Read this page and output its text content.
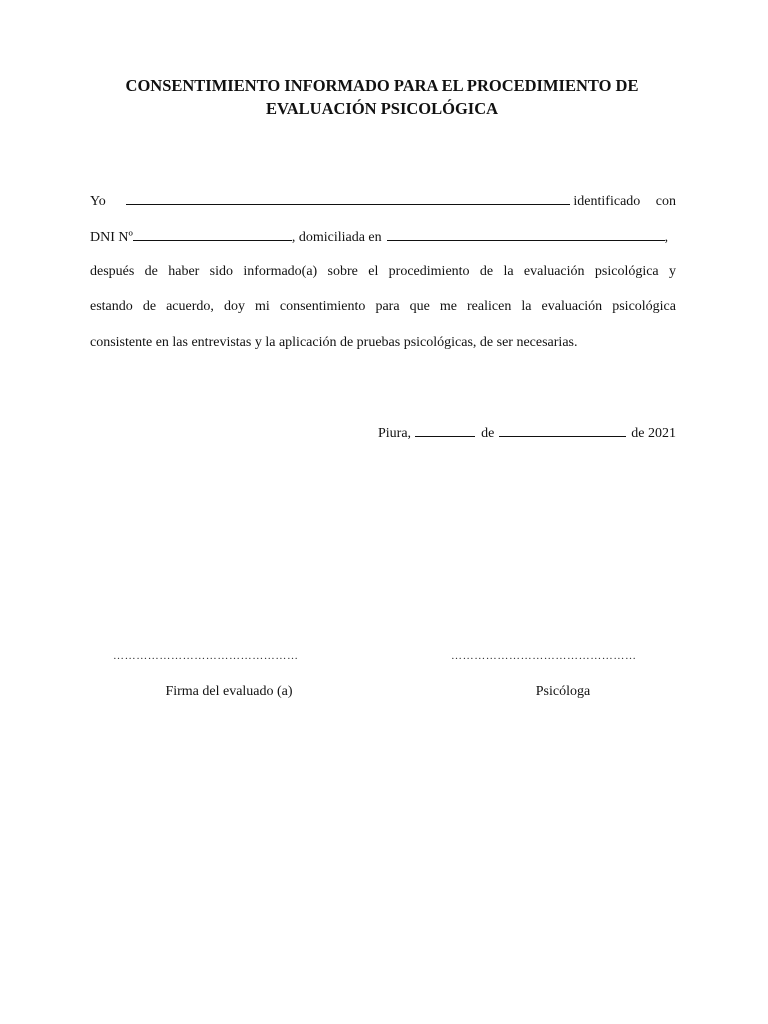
CONSENTIMIENTO INFORMADO PARA EL PROCEDIMIENTO DE
EVALUACIÓN PSICOLÓGICA
Yo	identificado con
DNI Nº	, domiciliada en	,
después de haber sido informado(a) sobre el procedimiento de la evaluación psicológica y
estando de acuerdo, doy mi consentimiento para que me realicen la evaluación psicológica
consistente en las entrevistas y la aplicación de pruebas psicológicas, de ser necesarias.
Piura,	de	de 2021
…………………………………………	…………………………………………
Firma del evaluado (a)	Psicóloga
